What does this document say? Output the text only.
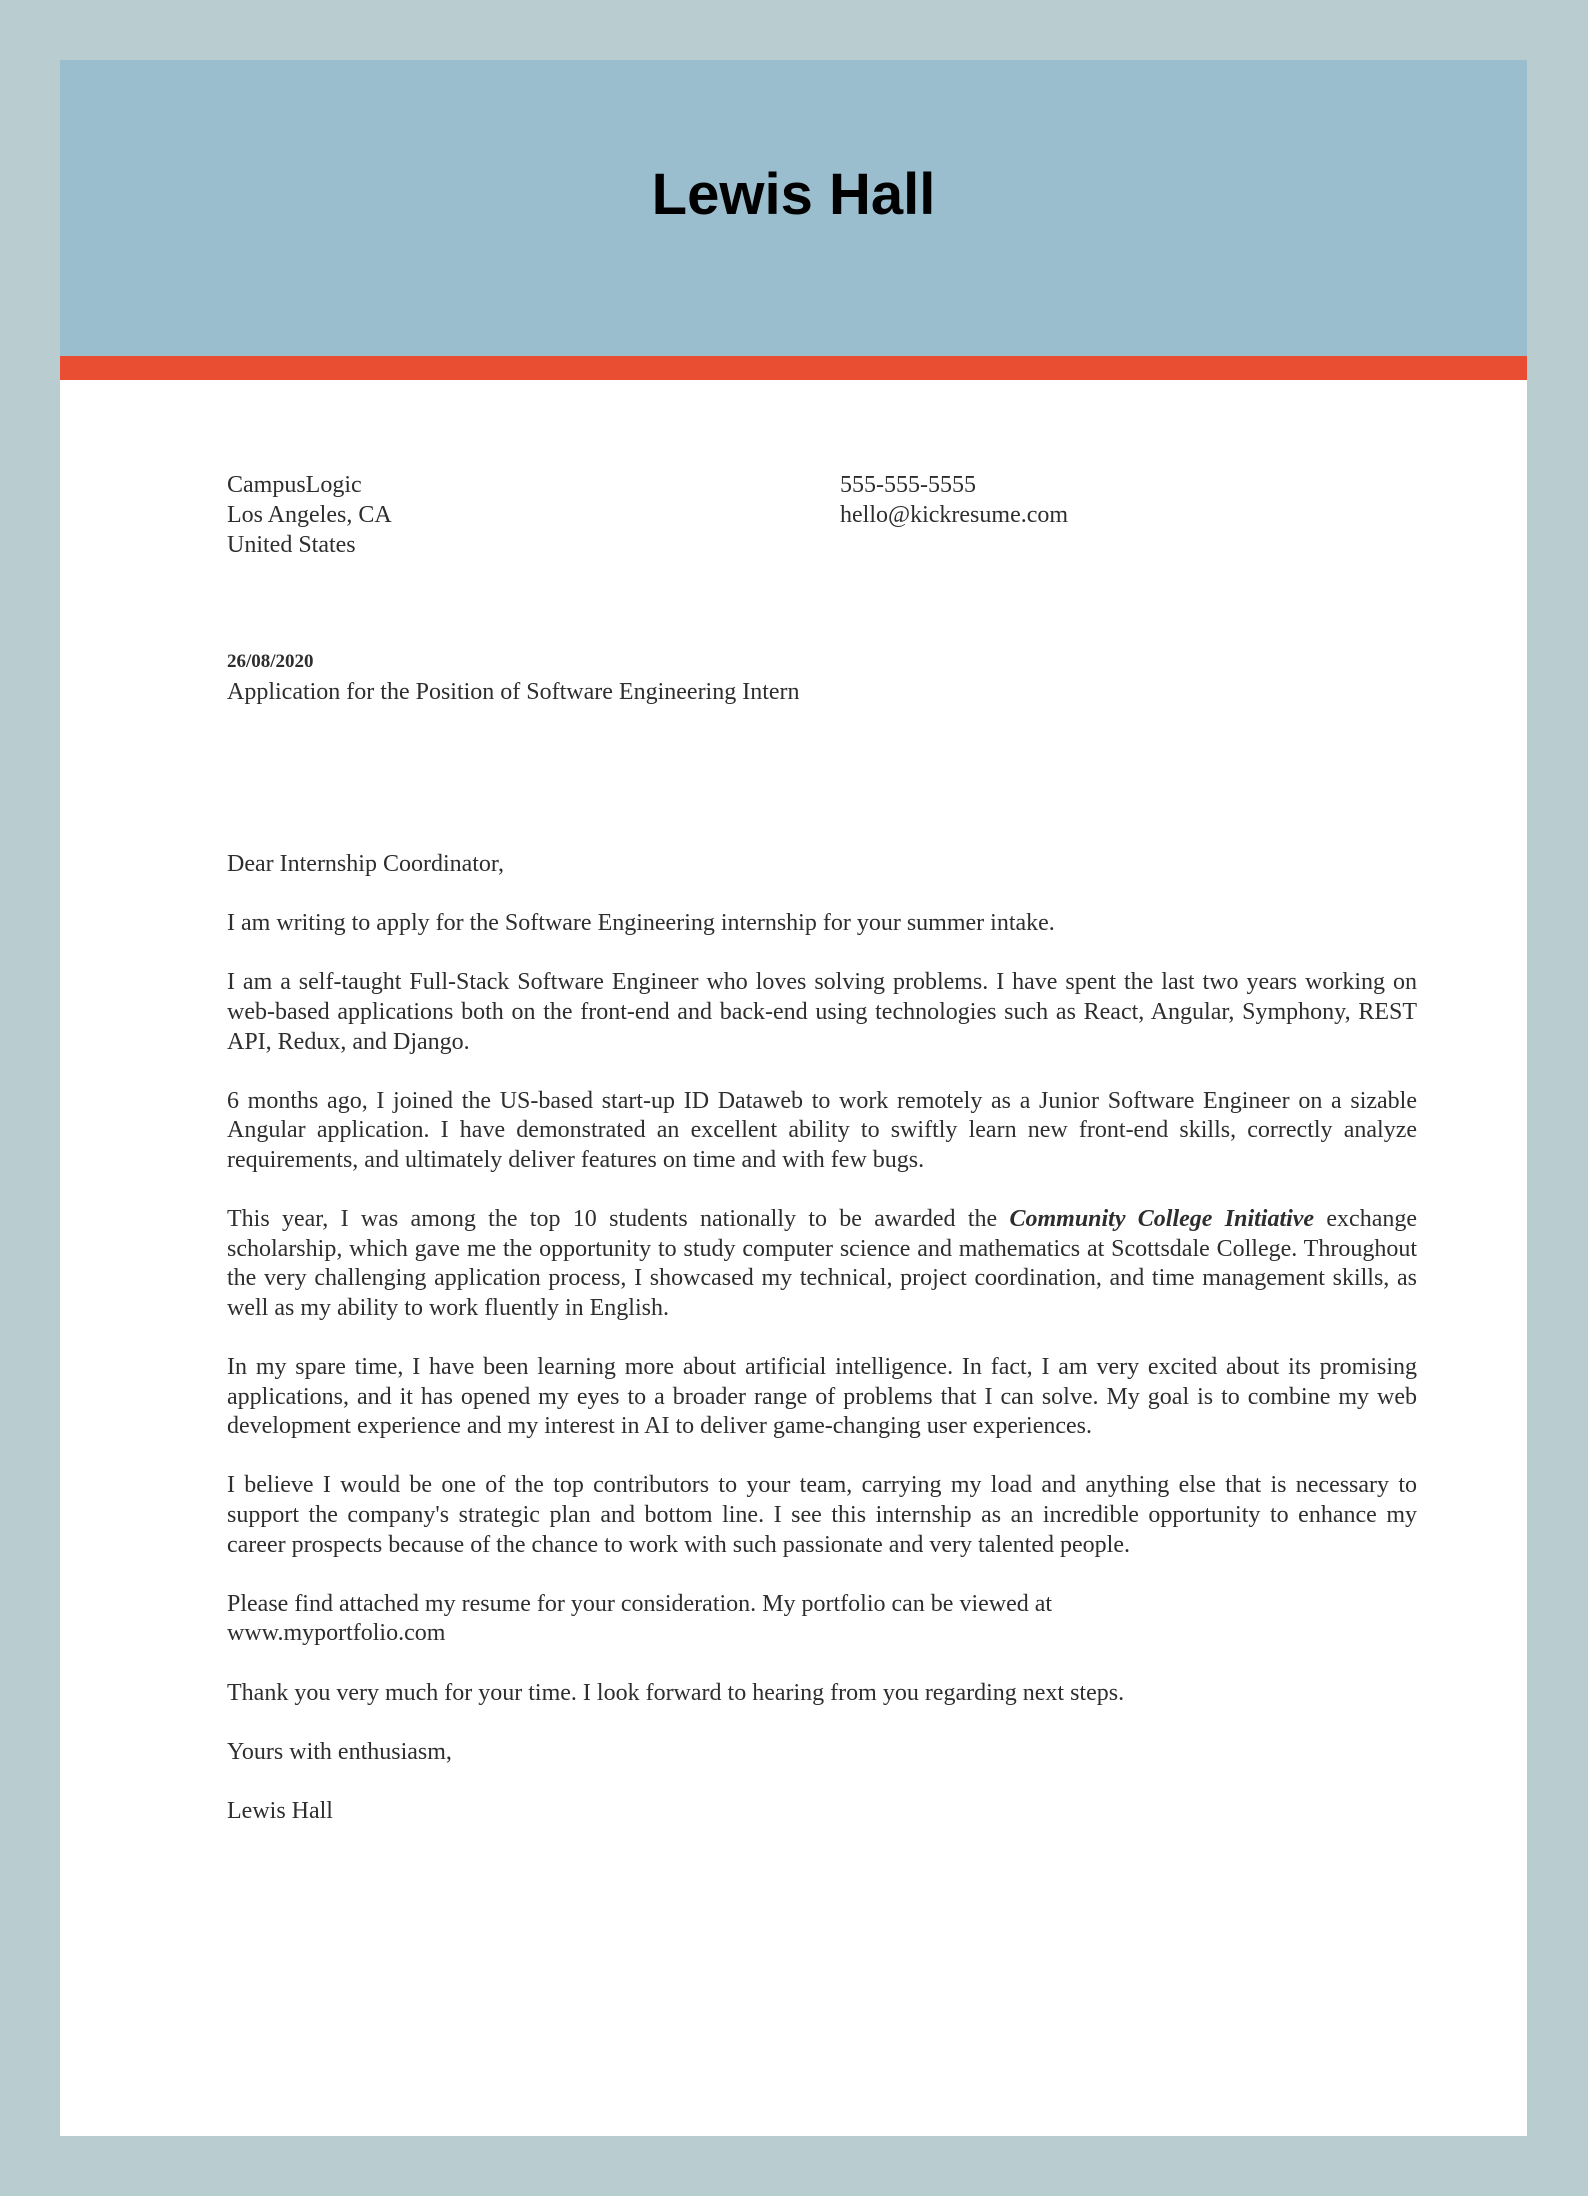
Lewis Hall
CampusLogic
Los Angeles, CA
United States
555-555-5555
hello@kickresume.com
26/08/2020
Application for the Position of Software Engineering Intern

Dear Internship Coordinator,

I am writing to apply for the Software Engineering internship for your summer intake.

I am a self-taught Full-Stack Software Engineer who loves solving problems. I have spent the last two years working on web-based applications both on the front-end and back-end using technologies such as React, Angular, Symphony, REST API, Redux, and Django.

6 months ago, I joined the US-based start-up ID Dataweb to work remotely as a Junior Software Engineer on a sizable Angular application. I have demonstrated an excellent ability to swiftly learn new front-end skills, correctly analyze requirements, and ultimately deliver features on time and with few bugs.

This year, I was among the top 10 students nationally to be awarded the Community College Initiative exchange scholarship, which gave me the opportunity to study computer science and mathematics at Scottsdale College. Throughout the very challenging application process, I showcased my technical, project coordination, and time management skills, as well as my ability to work fluently in English.

In my spare time, I have been learning more about artificial intelligence. In fact, I am very excited about its promising applications, and it has opened my eyes to a broader range of problems that I can solve. My goal is to combine my web development experience and my interest in AI to deliver game-changing user experiences.

I believe I would be one of the top contributors to your team, carrying my load and anything else that is necessary to support the company's strategic plan and bottom line. I see this internship as an incredible opportunity to enhance my career prospects because of the chance to work with such passionate and very talented people.

Please find attached my resume for your consideration. My portfolio can be viewed at
www.myportfolio.com

Thank you very much for your time. I look forward to hearing from you regarding next steps.

Yours with enthusiasm,

Lewis Hall
